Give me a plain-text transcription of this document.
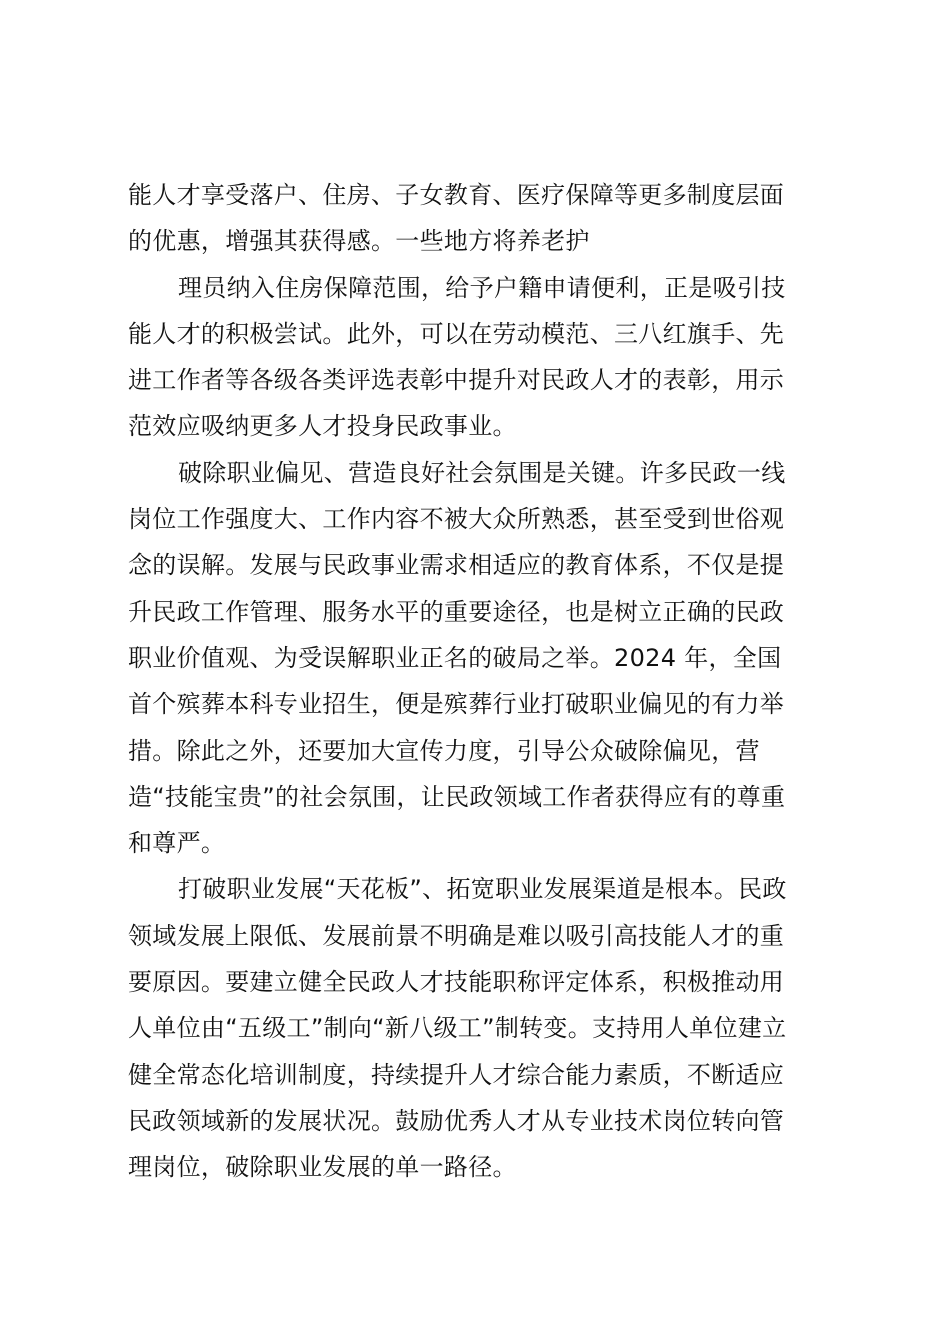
能人才享受落户、住房、子女教育、医疗保障等更多制度层面
的优惠，增强其获得感。一些地方将养老护
理员纳入住房保障范围，给予户籍申请便利，正是吸引技
能人才的积极尝试。此外，可以在劳动模范、三八红旗手、先
进工作者等各级各类评选表彰中提升对民政人才的表彰，用示
范效应吸纳更多人才投身民政事业。
破除职业偏见、营造良好社会氛围是关键。许多民政一线
岗位工作强度大、工作内容不被大众所熟悉，甚至受到世俗观
念的误解。发展与民政事业需求相适应的教育体系，不仅是提
升民政工作管理、服务水平的重要途径，也是树立正确的民政
职业价值观、为受误解职业正名的破局之举。2024 年，全国
首个殡葬本科专业招生，便是殡葬行业打破职业偏见的有力举
措。除此之外，还要加大宣传力度，引导公众破除偏见，营
造“技能宝贵”的社会氛围，让民政领域工作者获得应有的尊重
和尊严。
打破职业发展“天花板”、拓宽职业发展渠道是根本。民政
领域发展上限低、发展前景不明确是难以吸引高技能人才的重
要原因。要建立健全民政人才技能职称评定体系，积极推动用
人单位由“五级工”制向“新八级工”制转变。支持用人单位建立
健全常态化培训制度，持续提升人才综合能力素质，不断适应
民政领域新的发展状况。鼓励优秀人才从专业技术岗位转向管
理岗位，破除职业发展的单一路径。
